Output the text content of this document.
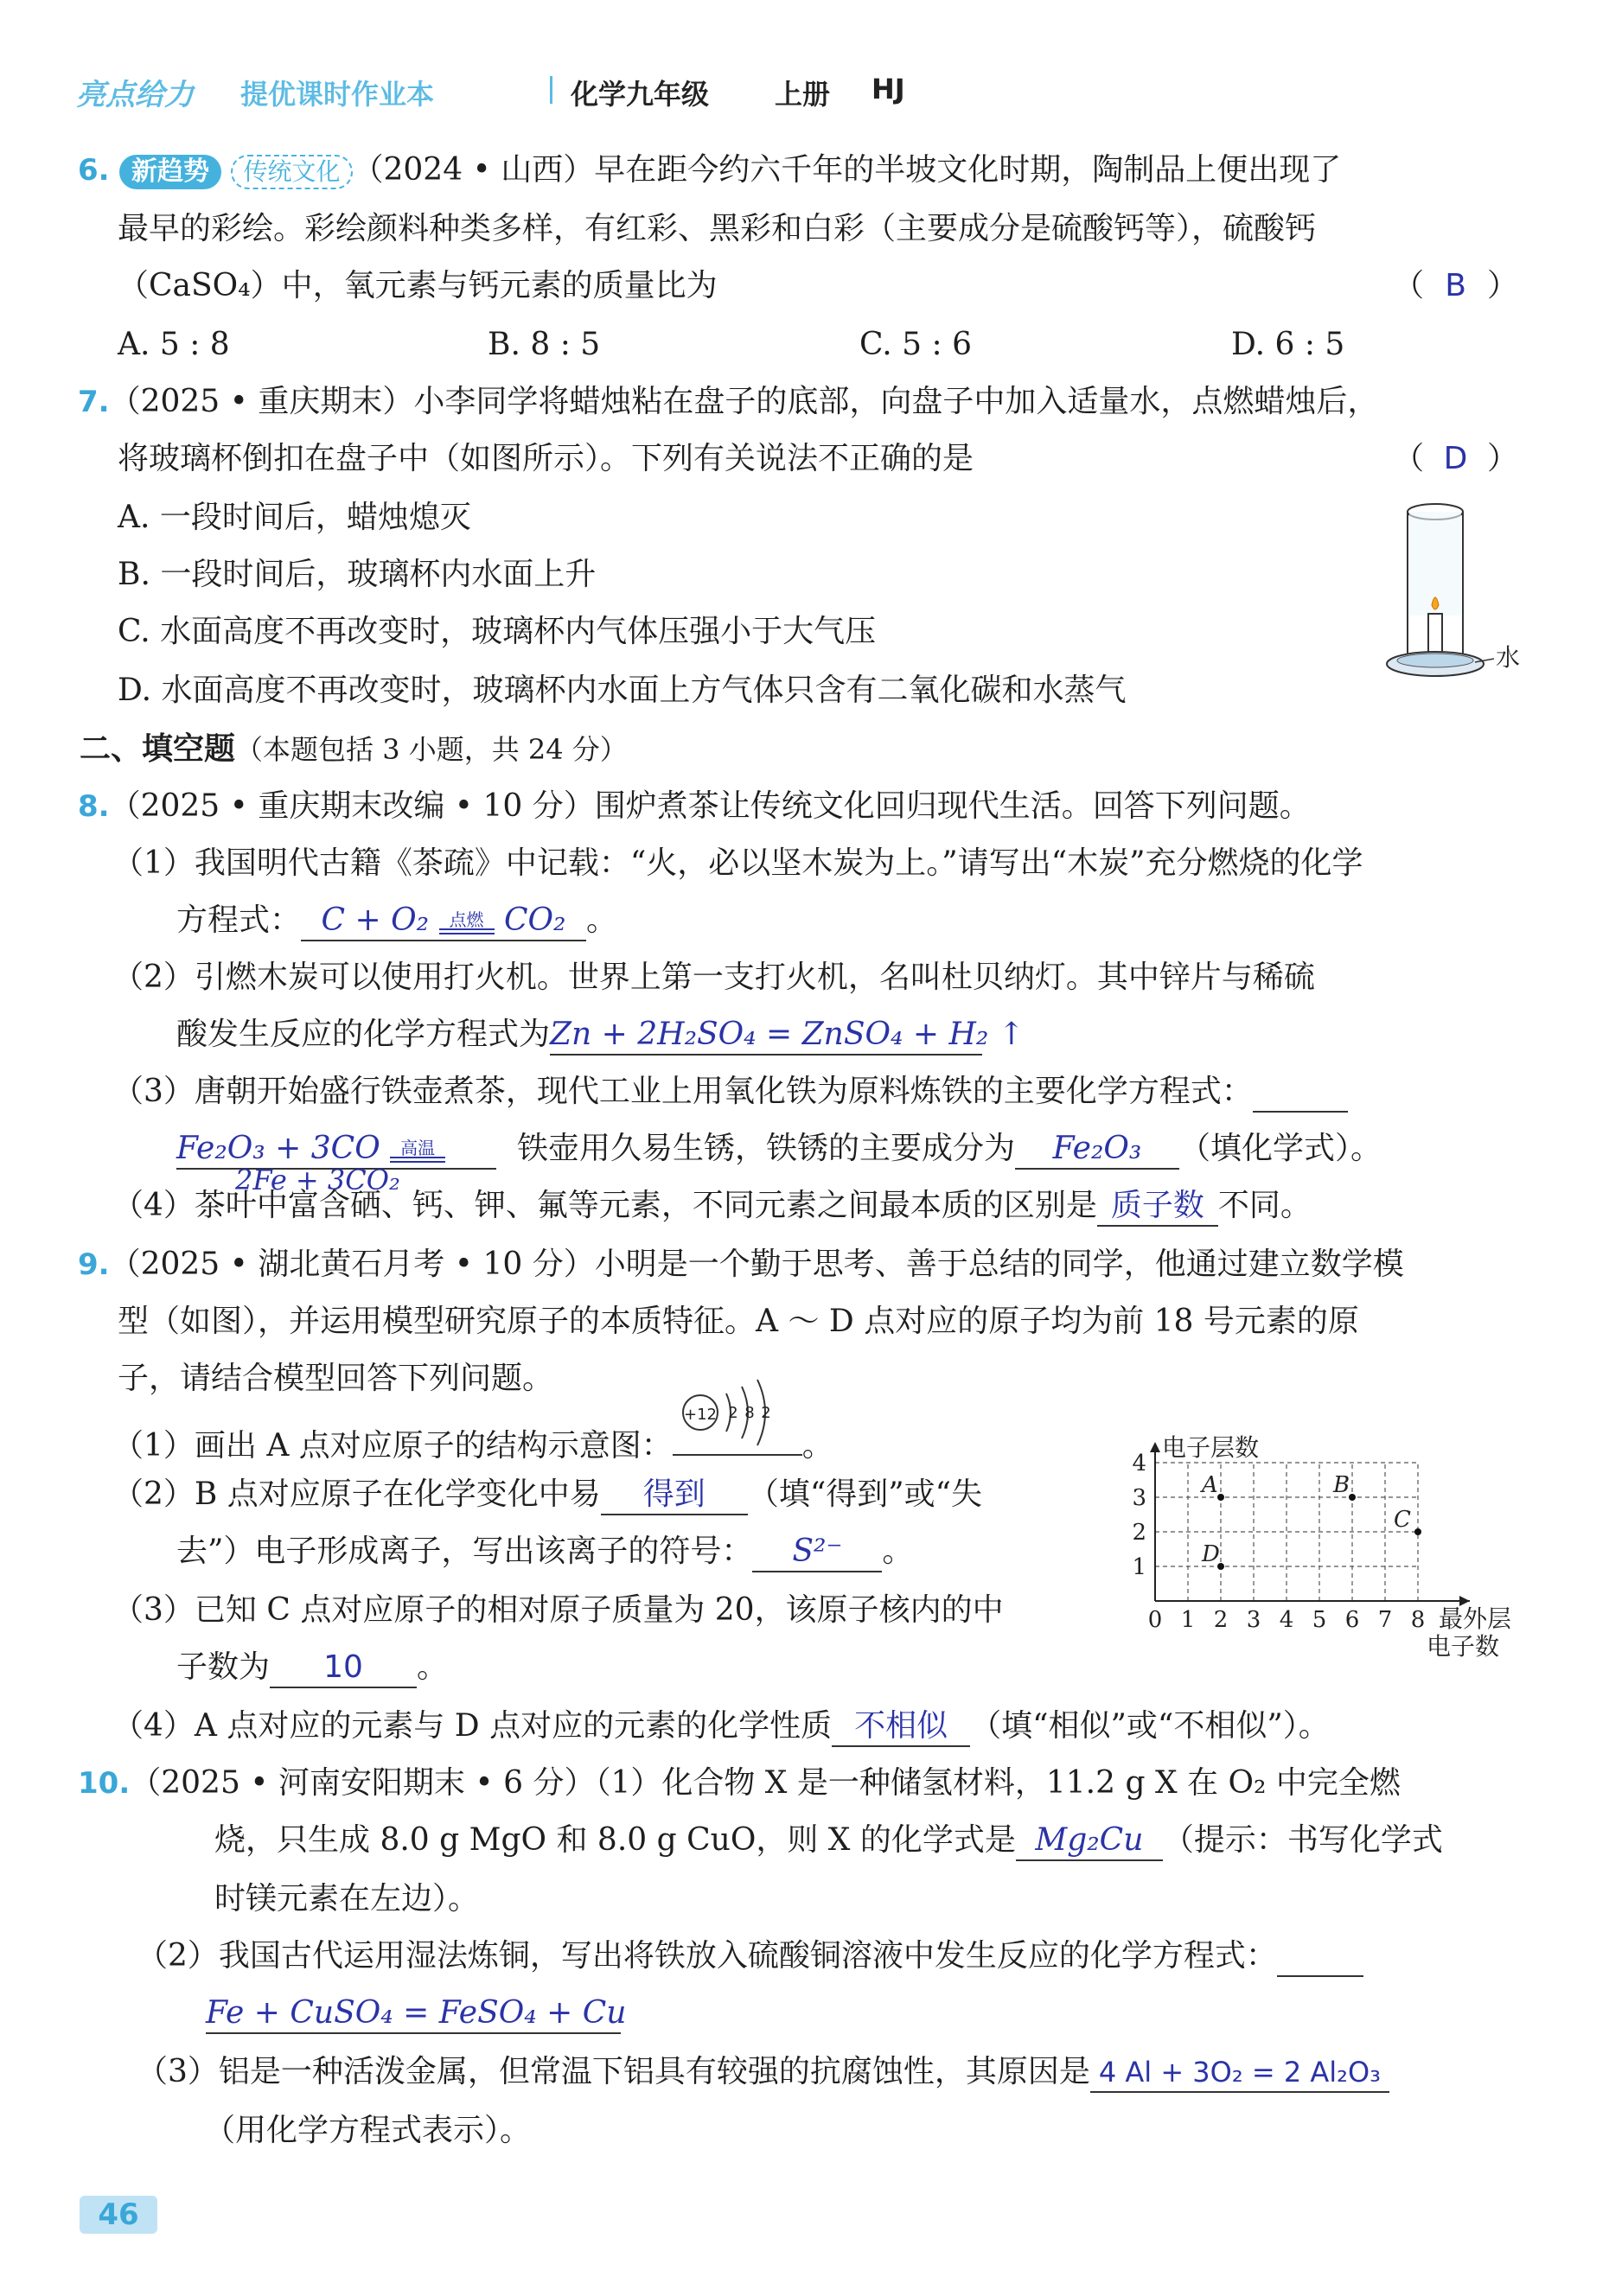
亮点给力 提优课时作业本	化学九年级 上册 HJ
6. 新趋势 传统文化 （2024 • 山西）早在距今约六千年的半坡文化时期，陶制品上便出现了
最早的彩绘。彩绘颜料种类多样，有红彩、黑彩和白彩（主要成分是硫酸钙等），硫酸钙
（CaSO₄）中，氧元素与钙元素的质量比为	（ B ）
A. 5 : 8	B. 8 : 5	C. 5 : 6	D. 6 : 5
7.（2025 • 重庆期末）小李同学将蜡烛粘在盘子的底部，向盘子中加入适量水，点燃蜡烛后，
将玻璃杯倒扣在盘子中（如图所示）。下列有关说法不正确的是	（ D ）
A. 一段时间后，蜡烛熄灭
B. 一段时间后，玻璃杯内水面上升
C. 水面高度不再改变时，玻璃杯内气体压强小于大气压
D. 水面高度不再改变时，玻璃杯内水面上方气体只含有二氧化碳和水蒸气
水
二、填空题（本题包括 3 小题，共 24 分）
8.（2025 • 重庆期末改编 • 10 分）围炉煮茶让传统文化回归现代生活。回答下列问题。
（1）我国明代古籍《茶疏》中记载：“火，必以坚木炭为上。”请写出“木炭”充分燃烧的化学
方程式： C + O₂	点燃 CO₂ 。
（2）引燃木炭可以使用打火机。世界上第一支打火机，名叫杜贝纳灯。其中锌片与稀硫
酸发生反应的化学方程式为Zn + 2H₂SO₄ = ZnSO₄ + H₂ ↑
（3）唐朝开始盛行铁壶煮茶，现代工业上用氧化铁为原料炼铁的主要化学方程式：
Fe₂O₃ + 3CO	高温	铁壶用久易生锈，铁锈的主要成分为 Fe₂O₃ （填化学式）。
2Fe + 3CO₂
（4）茶叶中富含硒、钙、钾、氟等元素，不同元素之间最本质的区别是 质子数 不同。
9.（2025 • 湖北黄石月考 • 10 分）小明是一个勤于思考、善于总结的同学，他通过建立数学模
型（如图），并运用模型研究原子的本质特征。A ～ D 点对应的原子均为前 18 号元素的原
子，请结合模型回答下列问题。
（1）画出 A 点对应原子的结构示意图：
+12 2 8 2
。
（2）B 点对应原子在化学变化中易 得到 （填“得到”或“失
去”）电子形成离子，写出该离子的符号： S²⁻ 。
（3）已知 C 点对应原子的相对原子质量为 20，该原子核内的中
子数为 10 。
（4）A 点对应的元素与 D 点对应的元素的化学性质 不相似 （填“相似”或“不相似”）。
0 1 2 3 4 5 6 7 8
1
2
3
4
电子层数
最外层
电子数
A	B
C
D
10.（2025 • 河南安阳期末 • 6 分）（1）化合物 X 是一种储氢材料，11.2 g X 在 O₂ 中完全燃
烧，只生成 8.0 g MgO 和 8.0 g CuO，则 X 的化学式是 Mg₂Cu （提示：书写化学式
时镁元素在左边）。
（2）我国古代运用湿法炼铜，写出将铁放入硫酸铜溶液中发生反应的化学方程式：
Fe + CuSO₄ = FeSO₄ + Cu
（3）铝是一种活泼金属，但常温下铝具有较强的抗腐蚀性，其原因是 4 Al + 3O₂ = 2 Al₂O₃
（用化学方程式表示）。
46
